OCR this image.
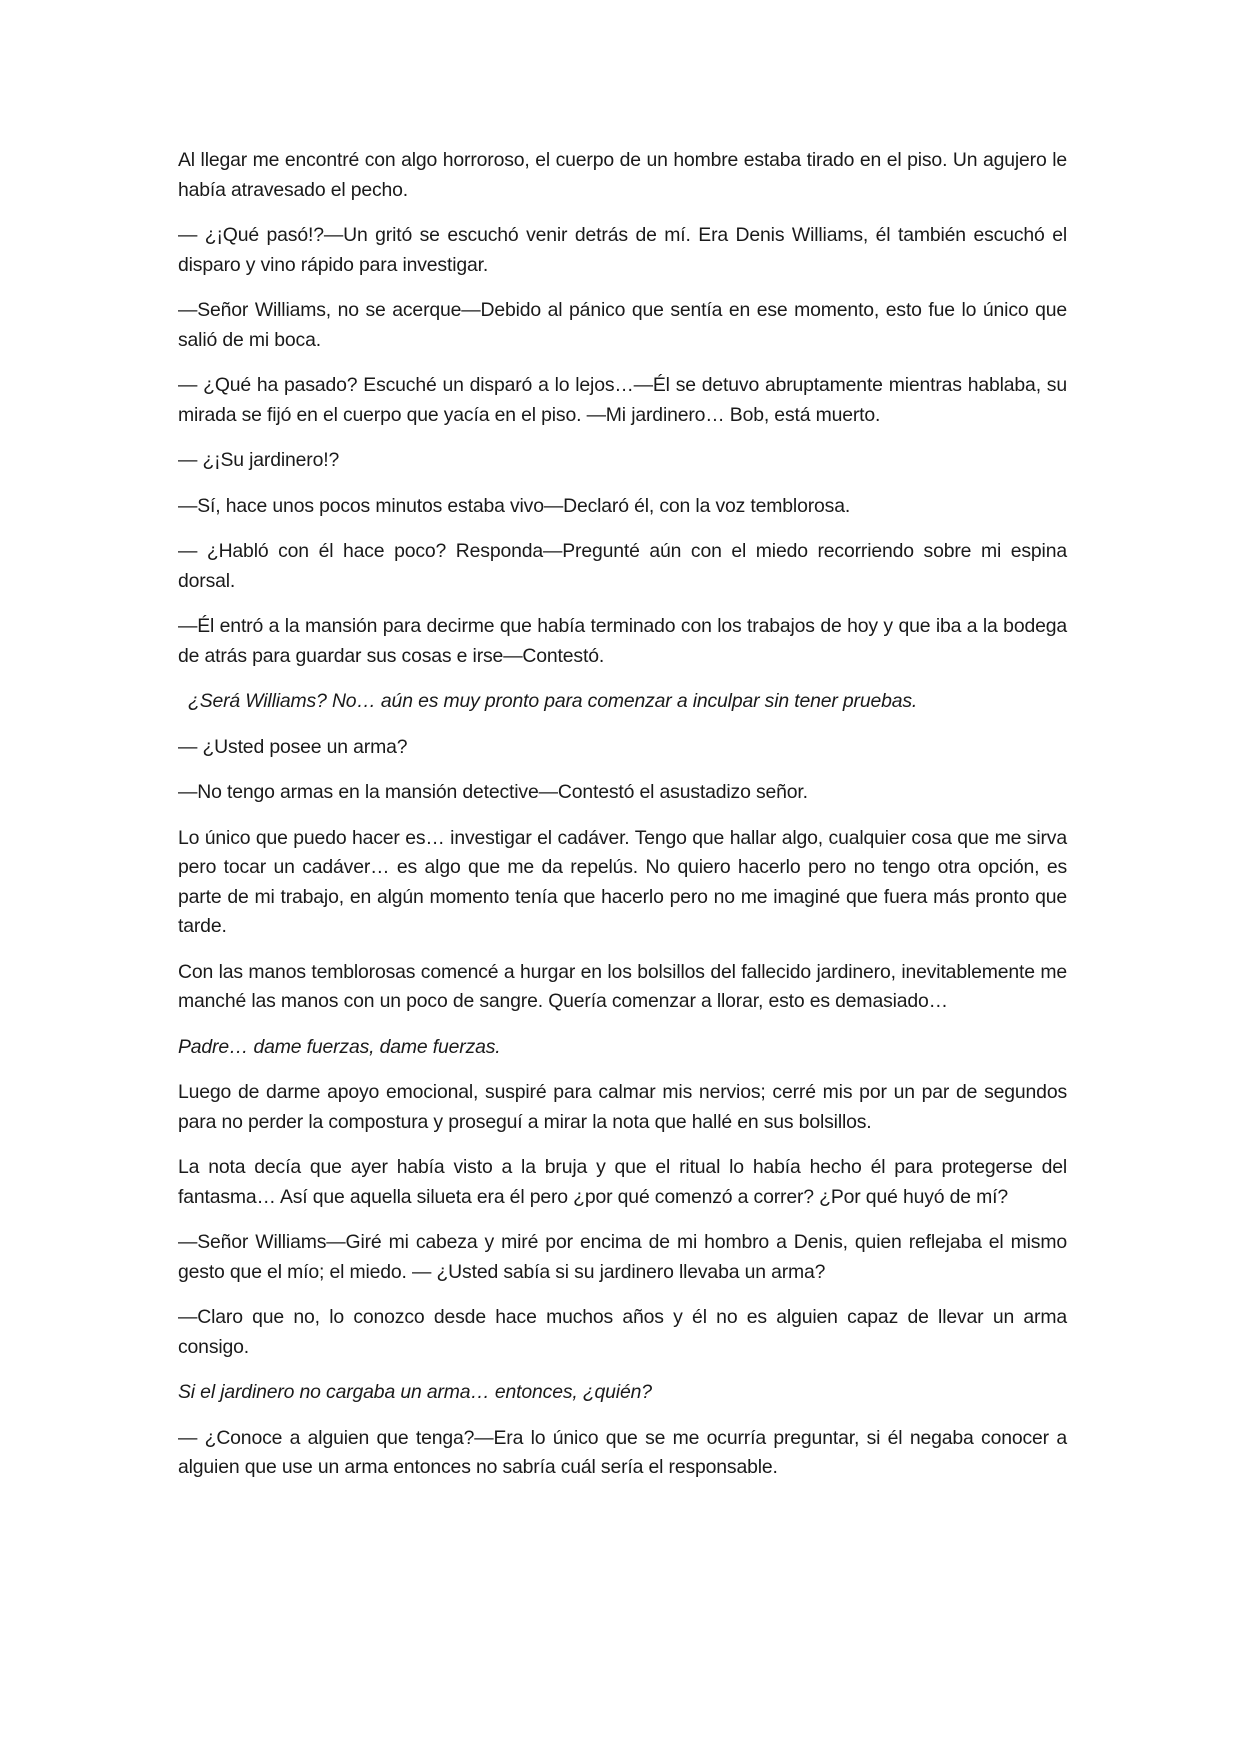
Al llegar me encontré con algo horroroso, el cuerpo de un hombre estaba tirado en el piso. Un agujero le había atravesado el pecho.

— ¿¡Qué pasó!?—Un gritó se escuchó venir detrás de mí. Era Denis Williams, él también escuchó el disparo y vino rápido para investigar.

—Señor Williams, no se acerque—Debido al pánico que sentía en ese momento, esto fue lo único que salió de mi boca.

— ¿Qué ha pasado? Escuché un disparó a lo lejos…—Él se detuvo abruptamente mientras hablaba, su mirada se fijó en el cuerpo que yacía en el piso. —Mi jardinero… Bob, está muerto.

— ¿¡Su jardinero!?

—Sí, hace unos pocos minutos estaba vivo—Declaró él, con la voz temblorosa.

— ¿Habló con él hace poco? Responda—Pregunté aún con el miedo recorriendo sobre mi espina dorsal.

—Él entró a la mansión para decirme que había terminado con los trabajos de hoy y que iba a la bodega de atrás para guardar sus cosas e irse—Contestó.

¿Será Williams? No… aún es muy pronto para comenzar a inculpar sin tener pruebas.

— ¿Usted posee un arma?

—No tengo armas en la mansión detective—Contestó el asustadizo señor.

Lo único que puedo hacer es… investigar el cadáver. Tengo que hallar algo, cualquier cosa que me sirva pero tocar un cadáver… es algo que me da repelús. No quiero hacerlo pero no tengo otra opción, es parte de mi trabajo, en algún momento tenía que hacerlo pero no me imaginé que fuera más pronto que tarde.

Con las manos temblorosas comencé a hurgar en los bolsillos del fallecido jardinero, inevitablemente me manché las manos con un poco de sangre. Quería comenzar a llorar, esto es demasiado…

Padre… dame fuerzas, dame fuerzas.

Luego de darme apoyo emocional, suspiré para calmar mis nervios; cerré mis por un par de segundos para no perder la compostura y proseguí a mirar la nota que hallé en sus bolsillos.

La nota decía que ayer había visto a la bruja y que el ritual lo había hecho él para protegerse del fantasma… Así que aquella silueta era él pero ¿por qué comenzó a correr? ¿Por qué huyó de mí?

—Señor Williams—Giré mi cabeza y miré por encima de mi hombro a Denis, quien reflejaba el mismo gesto que el mío; el miedo. — ¿Usted sabía si su jardinero llevaba un arma?

—Claro que no, lo conozco desde hace muchos años y él no es alguien capaz de llevar un arma consigo.

Si el jardinero no cargaba un arma… entonces, ¿quién?

— ¿Conoce a alguien que tenga?—Era lo único que se me ocurría preguntar, si él negaba conocer a alguien que use un arma entonces no sabría cuál sería el responsable.
